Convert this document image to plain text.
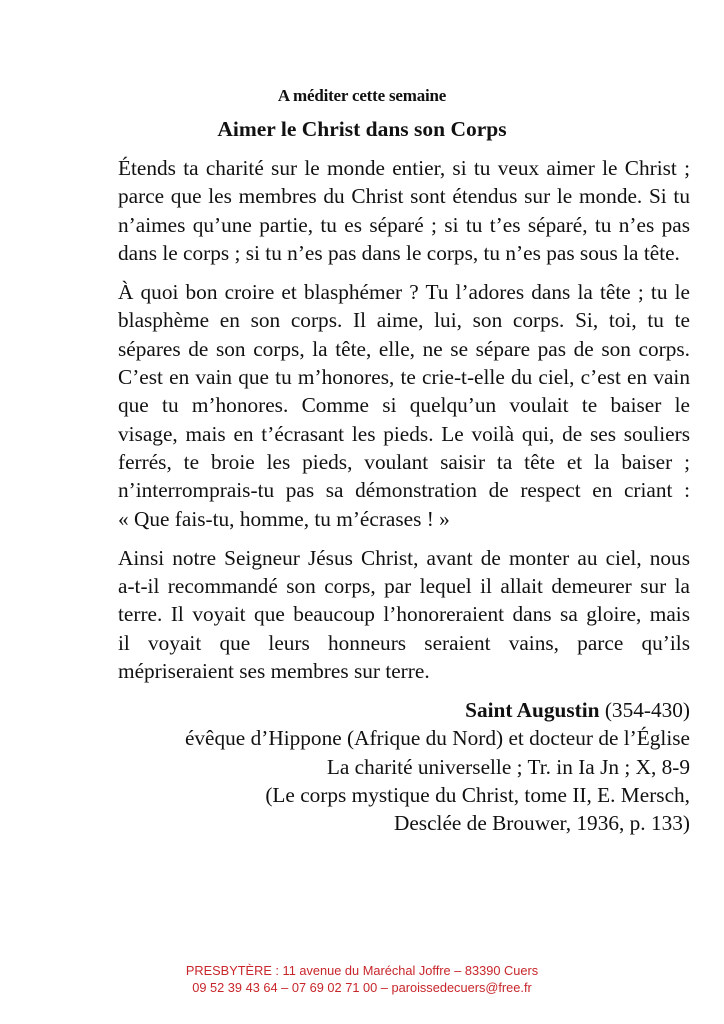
A méditer cette semaine
Aimer le Christ dans son Corps

Étends ta charité sur le monde entier, si tu veux aimer le Christ ;
parce que les membres du Christ sont étendus sur le monde. Si tu
n’aimes qu’une partie, tu es séparé ; si tu t’es séparé, tu n’es pas
dans le corps ; si tu n’es pas dans le corps, tu n’es pas sous la tête.

À quoi bon croire et blasphémer ? Tu l’adores dans la tête ; tu le
blasphème en son corps. Il aime, lui, son corps. Si, toi, tu te
sépares de son corps, la tête, elle, ne se sépare pas de son corps.
C’est en vain que tu m’honores, te crie-t-elle du ciel, c’est en vain
que tu m’honores. Comme si quelqu’un voulait te baiser le
visage, mais en t’écrasant les pieds. Le voilà qui, de ses souliers
ferrés, te broie les pieds, voulant saisir ta tête et la baiser ;
n’interromprais-tu pas sa démonstration de respect en criant :
« Que fais-tu, homme, tu m’écrases ! »

Ainsi notre Seigneur Jésus Christ, avant de monter au ciel, nous
a-t-il recommandé son corps, par lequel il allait demeurer sur la
terre. Il voyait que beaucoup l’honoreraient dans sa gloire, mais
il voyait que leurs honneurs seraient vains, parce qu’ils
mépriseraient ses membres sur terre.

Saint Augustin (354-430)
évêque d’Hippone (Afrique du Nord) et docteur de l’Église
La charité universelle ; Tr. in Ia Jn ; X, 8-9
(Le corps mystique du Christ, tome II, E. Mersch,
Desclée de Brouwer, 1936, p. 133)
PRESBYTÈRE : 11 avenue du Maréchal Joffre – 83390 Cuers
09 52 39 43 64 – 07 69 02 71 00 – paroissedecuers@free.fr
